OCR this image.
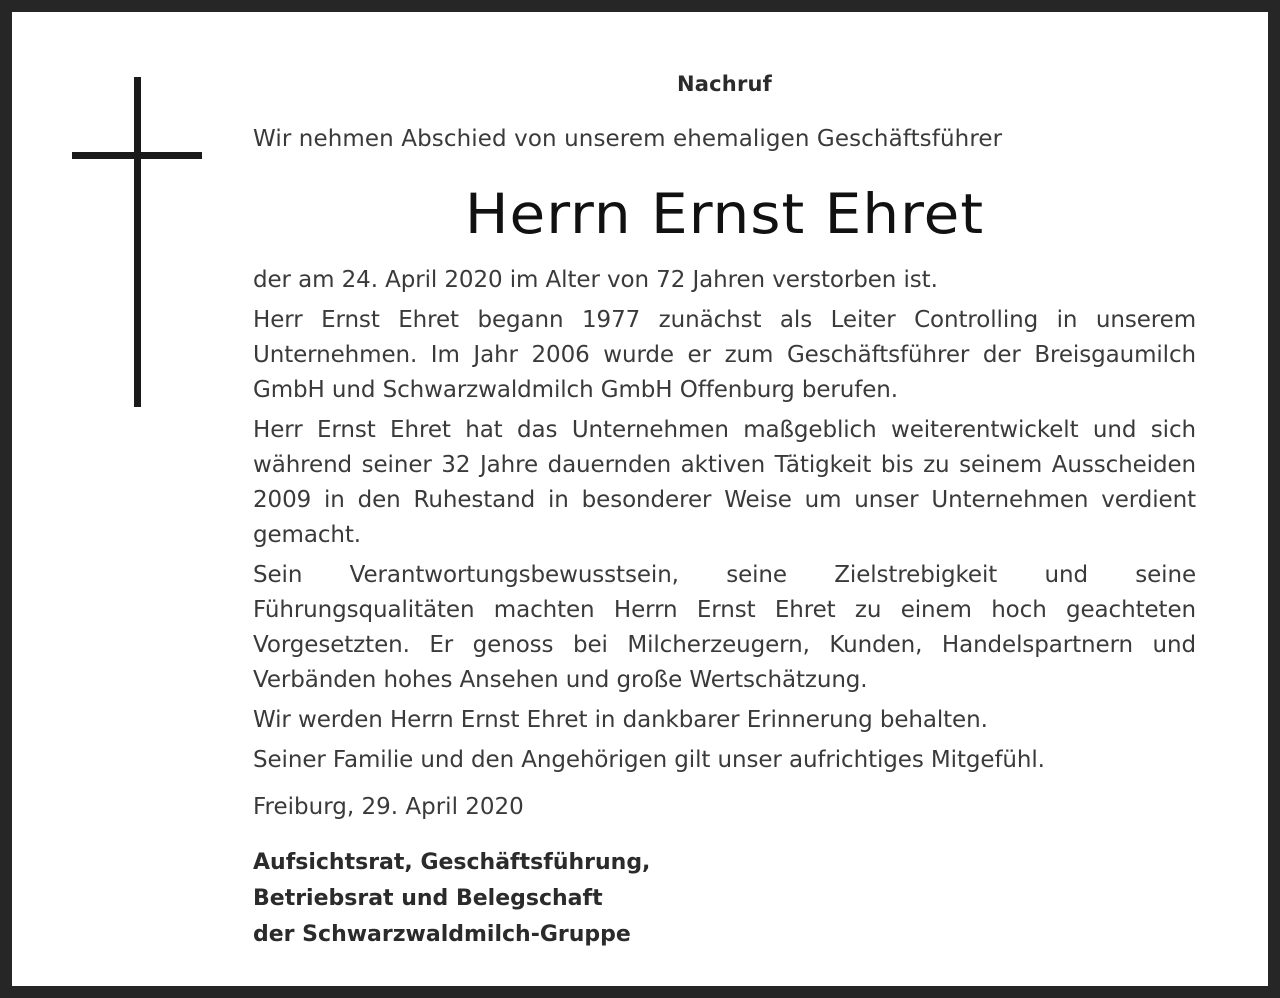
Nachruf
Wir nehmen Abschied von unserem ehemaligen Geschäftsführer
Herrn Ernst Ehret

der am 24. April 2020 im Alter von 72 Jahren verstorben ist.

Herr Ernst Ehret begann 1977 zunächst als Leiter Controlling in unserem Unternehmen. Im Jahr 2006 wurde er zum Geschäftsführer der Breisgaumilch GmbH und Schwarzwaldmilch GmbH Offenburg berufen.

Herr Ernst Ehret hat das Unternehmen maßgeblich weiterentwickelt und sich während seiner 32 Jahre dauernden aktiven Tätigkeit bis zu seinem Ausscheiden 2009 in den Ruhestand in besonderer Weise um unser Unternehmen verdient gemacht.

Sein Verantwortungsbewusstsein, seine Zielstrebigkeit und seine Führungsqualitäten machten Herrn Ernst Ehret zu einem hoch geachteten Vorgesetzten. Er genoss bei Milcherzeugern, Kunden, Handelspartnern und Verbänden hohes Ansehen und große Wertschätzung.

Wir werden Herrn Ernst Ehret in dankbarer Erinnerung behalten.

Seiner Familie und den Angehörigen gilt unser aufrichtiges Mitgefühl.

Freiburg, 29. April 2020
Aufsichtsrat, Geschäftsführung,
Betriebsrat und Belegschaft
der Schwarzwaldmilch-Gruppe
